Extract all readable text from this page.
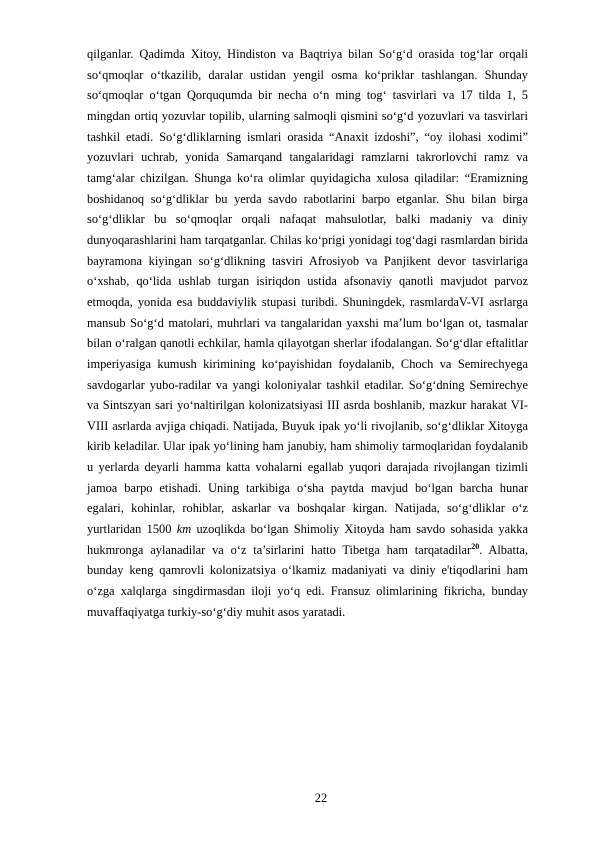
qilganlar. Qadimda Xitoy, Hindiston va Baqtriya bilan So‘g‘d orasida tog‘lar orqali so‘qmoqlar o‘tkazilib, daralar ustidan yengil osma ko‘priklar tashlangan. Shunday so‘qmoqlar o‘tgan Qorququmda bir necha o‘n ming tog‘ tasvirlari va 17 tilda 1, 5 mingdan ortiq yozuvlar topilib, ularning salmoqli qismini so‘g‘d yozuvlari va tasvirlari tashkil etadi. So‘g‘dliklarning ismlari orasida “Anaxit izdoshi”, “oy ilohasi xodimi” yozuvlari uchrab, yonida Samarqand tangalaridagi ramzlarni takrorlovchi ramz va tamg‘alar chizilgan. Shunga ko‘ra olimlar quyidagicha xulosa qiladilar: “Eramizning boshidanoq so‘g‘dliklar bu yerda savdo rabotlarini barpo etganlar. Shu bilan birga so‘g‘dliklar bu so‘qmoqlar orqali nafaqat mahsulotlar, balki madaniy va diniy dunyoqarashlarini ham tarqatganlar. Chilas ko‘prigi yonidagi tog‘dagi rasmlardan birida bayramona kiyingan so‘g‘dlikning tasviri Afrosiyob va Panjikent devor tasvirlariga o‘xshab, qo‘lida ushlab turgan isiriqdon ustida afsonaviy qanotli mavjudot parvoz etmoqda, yonida esa buddaviylik stupasi turibdi. Shuningdek, rasmlardaV-VI asrlarga mansub So‘g‘d matolari, muhrlari va tangalaridan yaxshi ma’lum bo‘lgan ot, tasmalar bilan o‘ralgan qanotli echkilar, hamla qilayotgan sherlar ifodalangan. So‘g‘dlar eftalitlar imperiyasiga kumush kirimining ko‘payishidan foydalanib, Choch va Semirechyega savdogarlar yubo-radilar va yangi koloniyalar tashkil etadilar. So‘g‘dning Semirechye va Sintszyan sari yo‘naltirilgan kolonizatsiyasi III asrda boshlanib, mazkur harakat VI-VIII asrlarda avjiga chiqadi. Natijada, Buyuk ipak yo‘li rivojlanib, so‘g‘dliklar Xitoyga kirib keladilar. Ular ipak yo‘lining ham janubiy, ham shimoliy tarmoqlaridan foydalanib u yerlarda deyarli hamma katta vohalarni egallab yuqori darajada rivojlangan tizimli jamoa barpo etishadi. Uning tarkibiga o‘sha paytda mavjud bo‘lgan barcha hunar egalari, kohinlar, rohiblar, askarlar va boshqalar kirgan. Natijada, so‘g‘dliklar o‘z yurtlaridan 1500 km uzoqlikda bo‘lgan Shimoliy Xitoyda ham savdo sohasida yakka hukmronga aylanadilar va o‘z ta’sirlarini hatto Tibetga ham tarqatadilar$^{20}$. Albatta, bunday keng qamrovli kolonizatsiya o‘lkamiz madaniyati va diniy e'tiqodlarini ham o‘zga xalqlarga singdirmasdan iloji yo‘q edi. Fransuz olimlarining fikricha, bunday muvaffaqiyatga turkiy-so‘g‘diy muhit asos yaratadi.

22
